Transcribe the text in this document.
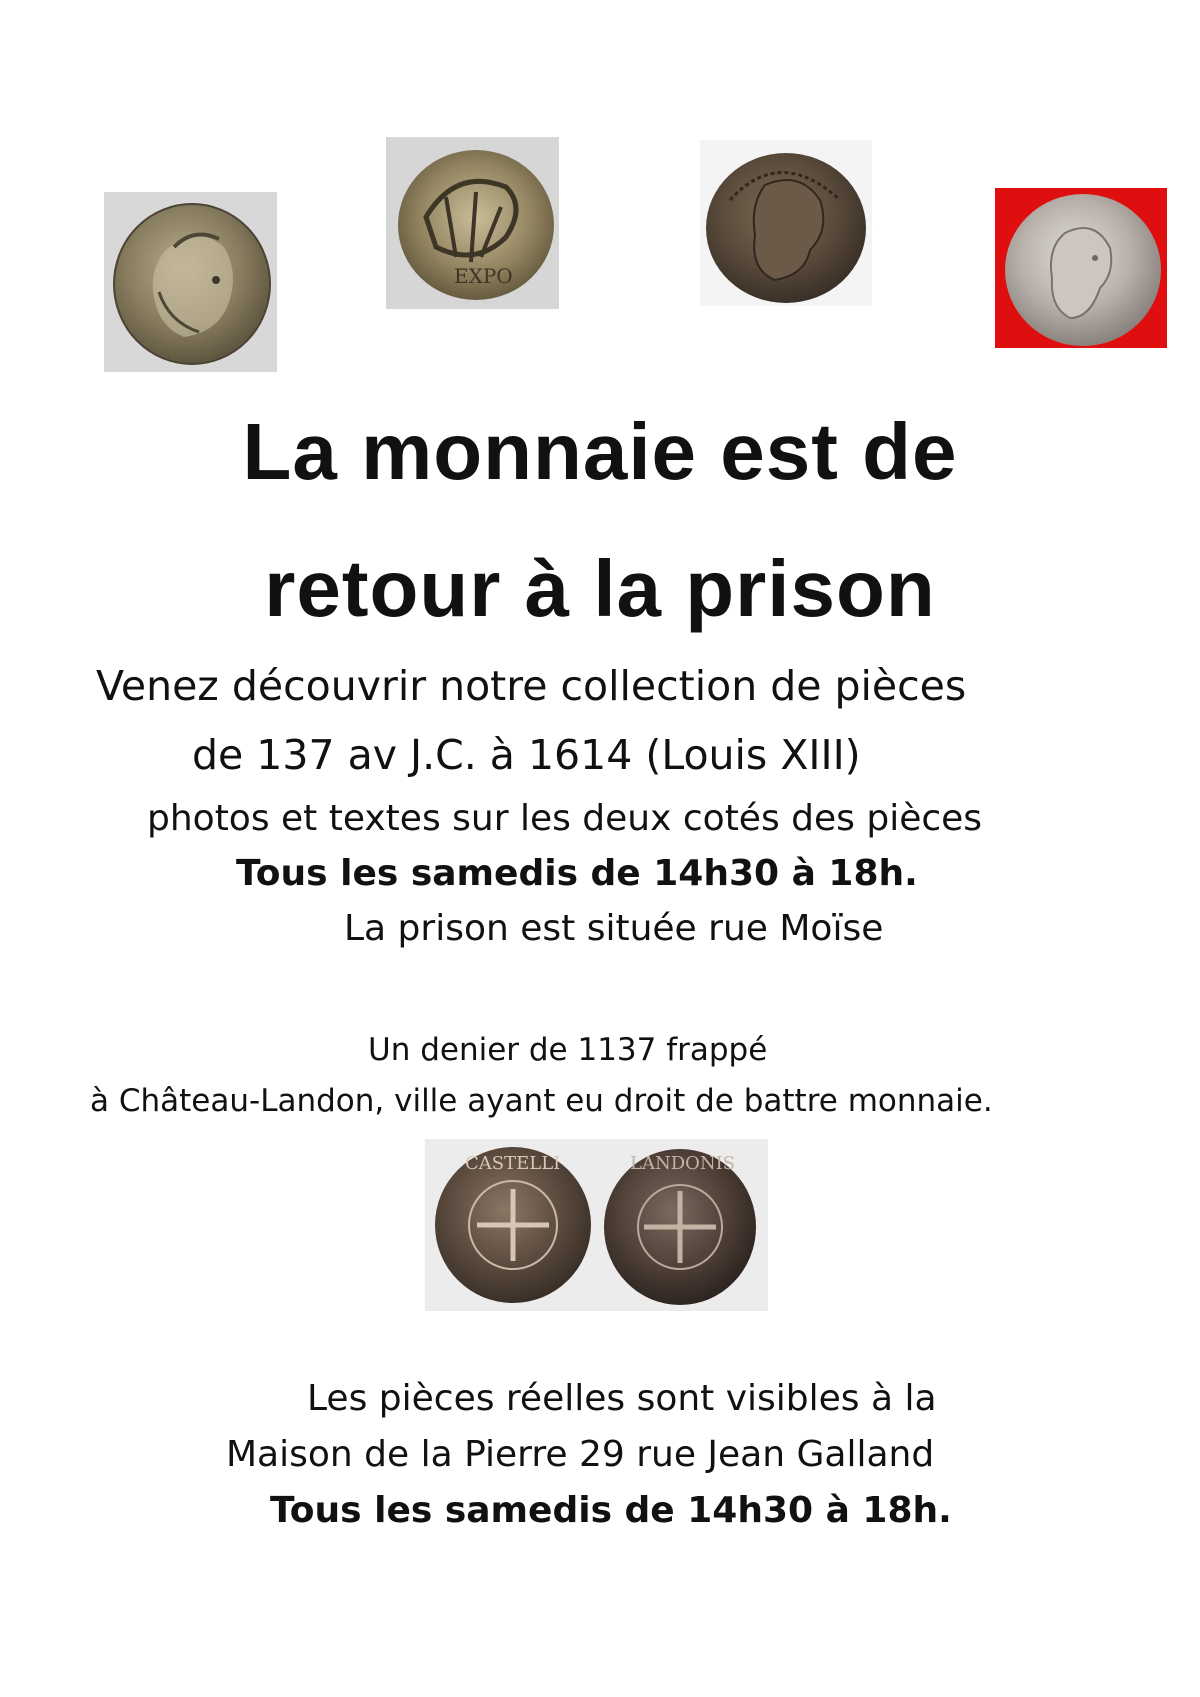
EXPO
La monnaie est de
retour à la prison

Venez découvrir notre collection de pièces

de 137 av J.C. à 1614 (Louis XIII)

photos et textes sur les deux cotés des pièces

Tous les samedis de 14h30 à 18h.

La prison est située rue Moïse

Un denier de 1137 frappé

à Château-Landon, ville ayant eu droit de battre monnaie.

CASTELLI	LANDONIS

Les pièces réelles sont visibles à la

Maison de la Pierre 29 rue Jean Galland

Tous les samedis de 14h30 à 18h.
